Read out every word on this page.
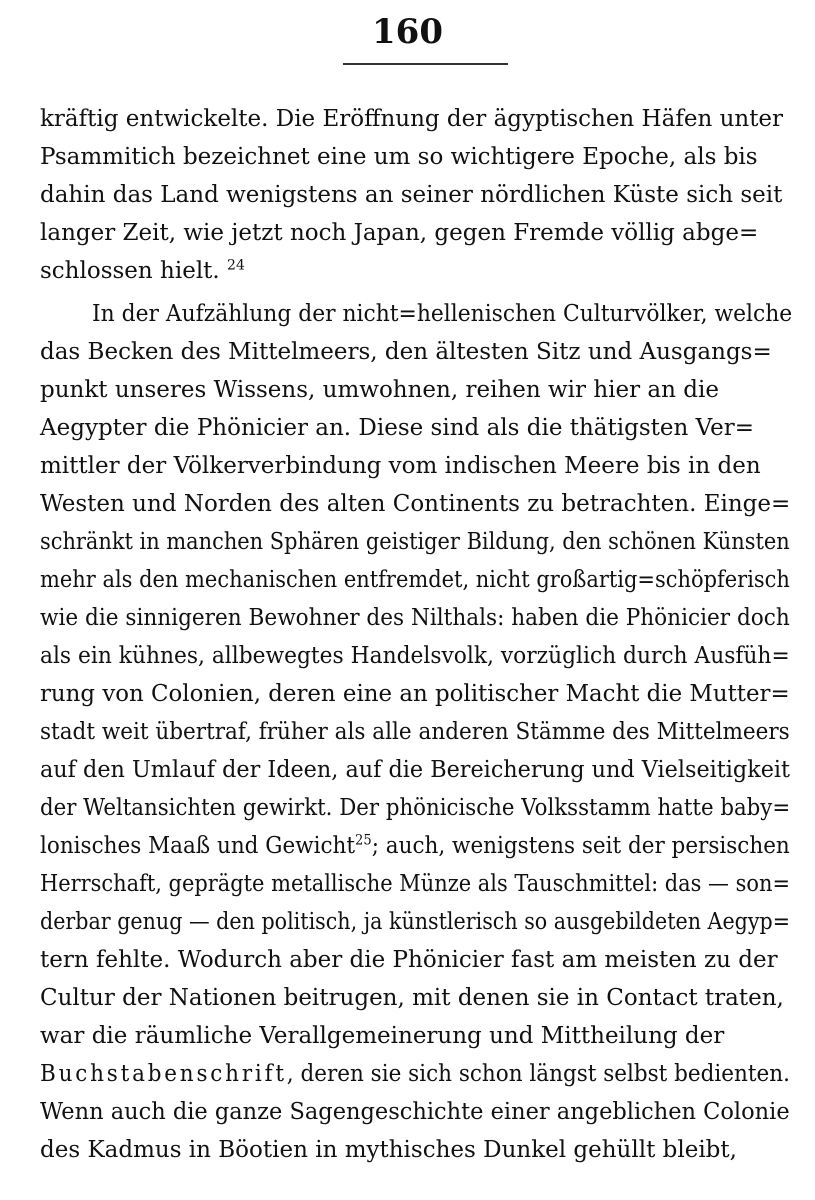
160
kräftig entwickelte. Die Eröffnung der ägyptischen Häfen unter
Psammitich bezeichnet eine um so wichtigere Epoche, als bis
dahin das Land wenigstens an seiner nördlichen Küste sich seit
langer Zeit, wie jetzt noch Japan, gegen Fremde völlig abge=
schlossen hielt. $^{24}$
In der Aufzählung der nicht=hellenischen Culturvölker, welche
das Becken des Mittelmeers, den ältesten Sitz und Ausgangs=
punkt unseres Wissens, umwohnen, reihen wir hier an die
Aegypter die Phönicier an. Diese sind als die thätigsten Ver=
mittler der Völkerverbindung vom indischen Meere bis in den
Westen und Norden des alten Continents zu betrachten. Einge=
schränkt in manchen Sphären geistiger Bildung, den schönen Künsten
mehr als den mechanischen entfremdet, nicht großartig=schöpferisch
wie die sinnigeren Bewohner des Nilthals: haben die Phönicier doch
als ein kühnes, allbewegtes Handelsvolk, vorzüglich durch Ausfüh=
rung von Colonien, deren eine an politischer Macht die Mutter=
stadt weit übertraf, früher als alle anderen Stämme des Mittelmeers
auf den Umlauf der Ideen, auf die Bereicherung und Vielseitigkeit
der Weltansichten gewirkt. Der phönicische Volksstamm hatte baby=
lonisches Maaß und Gewicht$^{25}$; auch, wenigstens seit der persischen
Herrschaft, geprägte metallische Münze als Tauschmittel: das — son=
derbar genug — den politisch, ja künstlerisch so ausgebildeten Aegyp=
tern fehlte. Wodurch aber die Phönicier fast am meisten zu der
Cultur der Nationen beitrugen, mit denen sie in Contact traten,
war die räumliche Verallgemeinerung und Mittheilung der
Buchstabenschrift, deren sie sich schon längst selbst bedienten.
Wenn auch die ganze Sagengeschichte einer angeblichen Colonie
des Kadmus in Böotien in mythisches Dunkel gehüllt bleibt,
